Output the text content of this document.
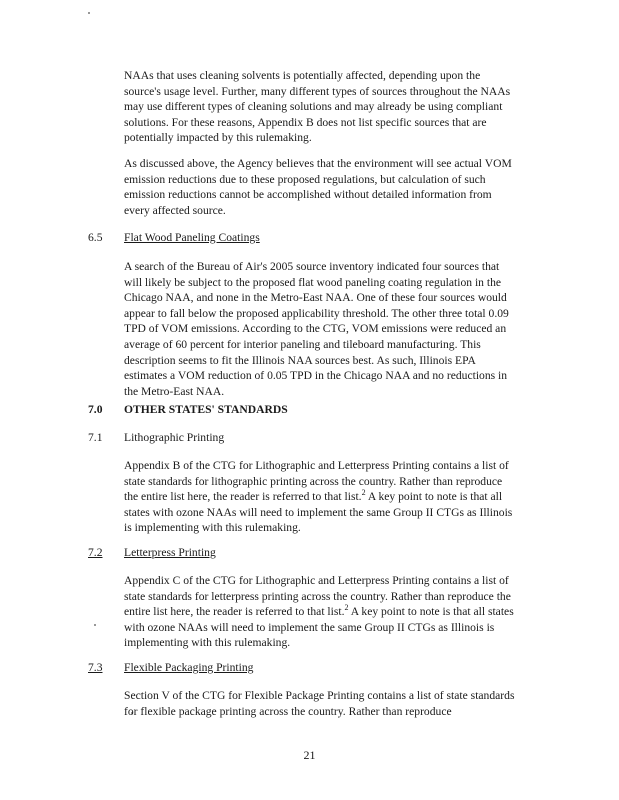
NAAs that uses cleaning solvents is potentially affected, depending upon the source's usage level. Further, many different types of sources throughout the NAAs may use different types of cleaning solutions and may already be using compliant solutions. For these reasons, Appendix B does not list specific sources that are potentially impacted by this rulemaking.

As discussed above, the Agency believes that the environment will see actual VOM emission reductions due to these proposed regulations, but calculation of such emission reductions cannot be accomplished without detailed information from every affected source.

6.5	Flat Wood Paneling Coatings

A search of the Bureau of Air's 2005 source inventory indicated four sources that will likely be subject to the proposed flat wood paneling coating regulation in the Chicago NAA, and none in the Metro-East NAA. One of these four sources would appear to fall below the proposed applicability threshold. The other three total 0.09 TPD of VOM emissions. According to the CTG, VOM emissions were reduced an average of 60 percent for interior paneling and tileboard manufacturing. This description seems to fit the Illinois NAA sources best. As such, Illinois EPA estimates a VOM reduction of 0.05 TPD in the Chicago NAA and no reductions in the Metro-East NAA.

7.0	OTHER STATES' STANDARDS
7.1	Lithographic Printing

Appendix B of the CTG for Lithographic and Letterpress Printing contains a list of state standards for lithographic printing across the country. Rather than reproduce the entire list here, the reader is referred to that list.$^2$ A key point to note is that all states with ozone NAAs will need to implement the same Group II CTGs as Illinois is implementing with this rulemaking.

7.2	Letterpress Printing

Appendix C of the CTG for Lithographic and Letterpress Printing contains a list of state standards for letterpress printing across the country. Rather than reproduce the entire list here, the reader is referred to that list.$^2$ A key point to note is that all states with ozone NAAs will need to implement the same Group II CTGs as Illinois is implementing with this rulemaking.

7.3	Flexible Packaging Printing

Section V of the CTG for Flexible Package Printing contains a list of state standards for flexible package printing across the country. Rather than reproduce

21
